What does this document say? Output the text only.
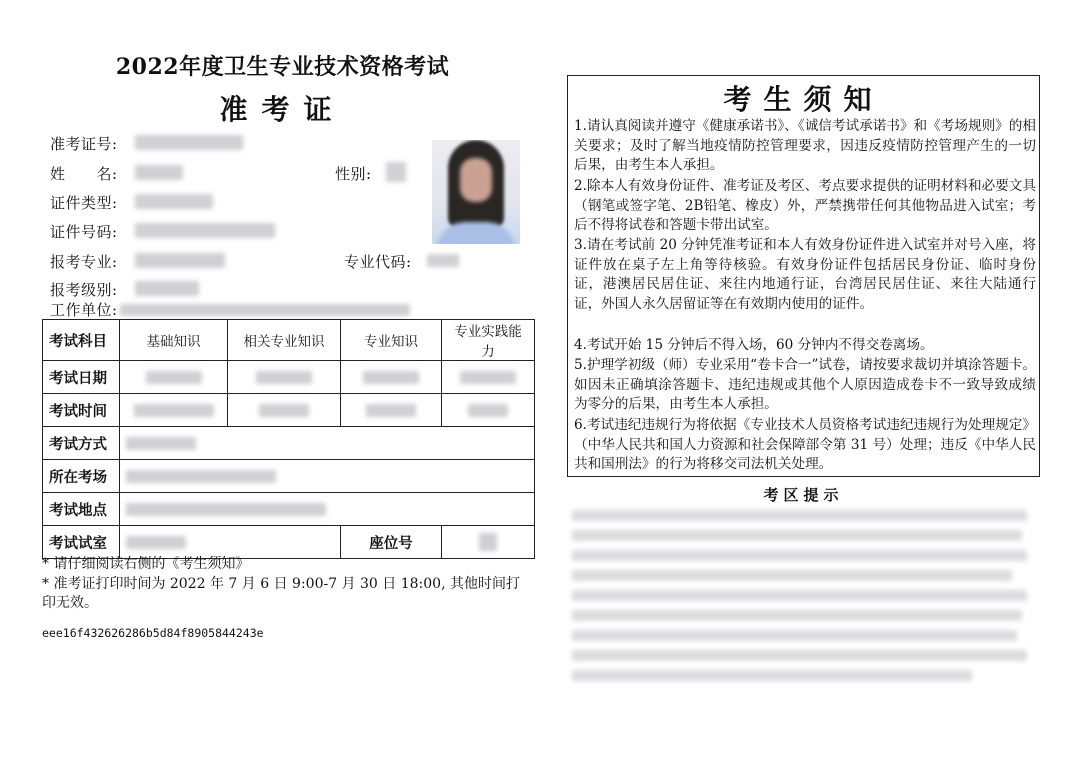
2022年度卫生专业技术资格考试
准考证
准考证号:
姓　　名:	性别:
证件类型:
证件号码:
报考专业:	专业代码:
报考级别:
工作单位:
考试科目	基础知识	相关专业知识	专业知识	专业实践能力
考试日期				
考试时间				
考试方式				
所在考场				
考试地点				
考试试室			座位号	
* 请仔细阅读右侧的《考生须知》
* 准考证打印时间为 2022 年 7 月 6 日 9:00-7 月 30 日 18:00, 其他时间打印无效。
eee16f432626286b5d84f8905844243e
考生须知
1.请认真阅读并遵守《健康承诺书》、《诚信考试承诺书》和《考场规则》的相关要求；及时了解当地疫情防控管理要求，因违反疫情防控管理产生的一切后果，由考生本人承担。
2.除本人有效身份证件、准考证及考区、考点要求提供的证明材料和必要文具（钢笔或签字笔、2B铅笔、橡皮）外，严禁携带任何其他物品进入试室；考后不得将试卷和答题卡带出试室。
3.请在考试前 20 分钟凭准考证和本人有效身份证件进入试室并对号入座，将证件放在桌子左上角等待核验。有效身份证件包括居民身份证、临时身份证，港澳居民居住证、来往内地通行证，台湾居民居住证、来往大陆通行证，外国人永久居留证等在有效期内使用的证件。
4.考试开始 15 分钟后不得入场，60 分钟内不得交卷离场。
5.护理学初级（师）专业采用“卷卡合一”试卷，请按要求裁切并填涂答题卡。如因未正确填涂答题卡、违纪违规或其他个人原因造成卷卡不一致导致成绩为零分的后果，由考生本人承担。
6.考试违纪违规行为将依据《专业技术人员资格考试违纪违规行为处理规定》（中华人民共和国人力资源和社会保障部令第 31 号）处理；违反《中华人民共和国刑法》的行为将移交司法机关处理。
考区提示
